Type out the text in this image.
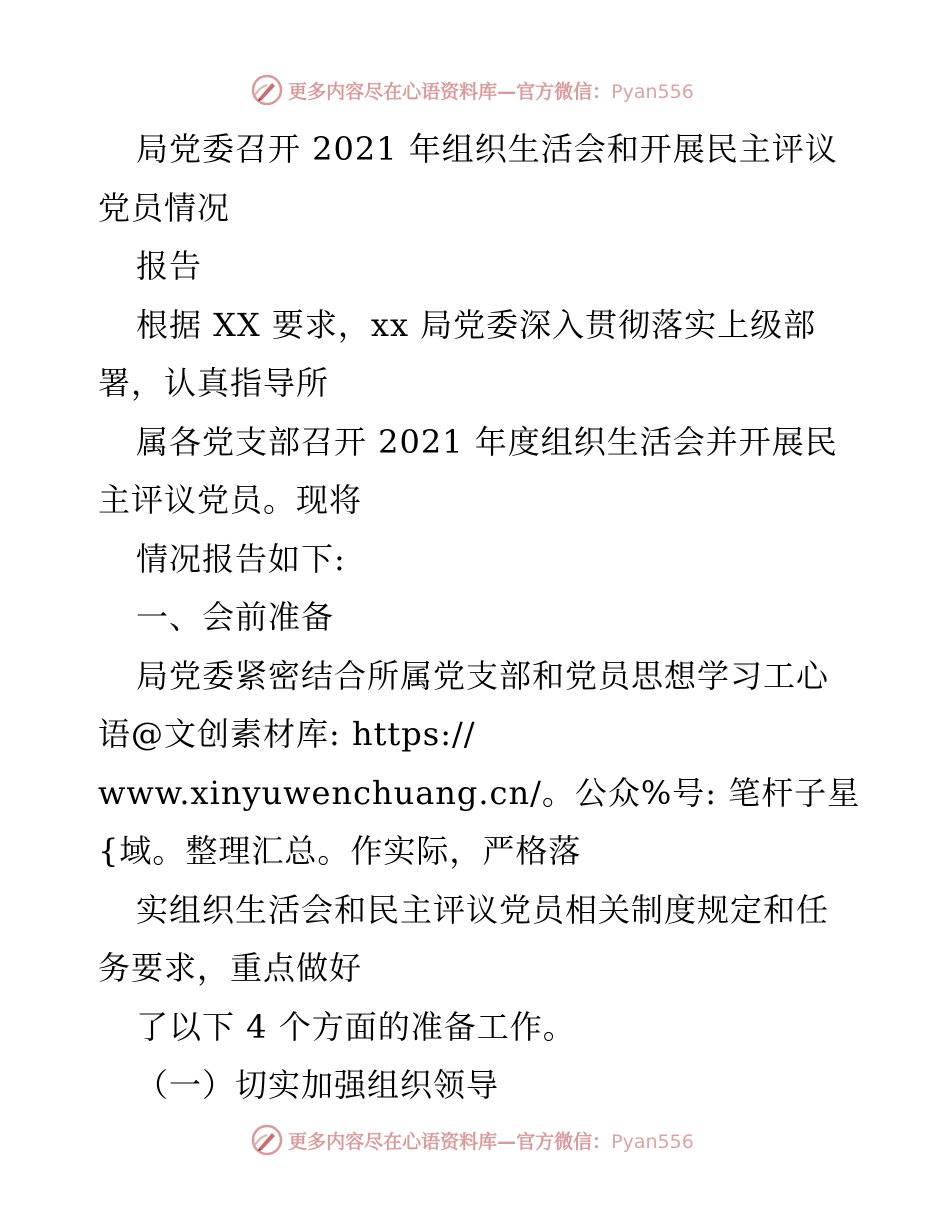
更多内容尽在心语资料库—官方微信：Pyan556
局党委召开 2021 年组织生活会和开展民主评议
党员情况
报告
根据 XX 要求，xx 局党委深入贯彻落实上级部
署，认真指导所
属各党支部召开 2021 年度组织生活会并开展民
主评议党员。现将
情况报告如下:
一、会前准备
局党委紧密结合所属党支部和党员思想学习工心
语@文创素材库: https://
www.xinyuwenchuang.cn/。公众%号: 笔杆子星
{域。整理汇总。作实际，严格落
实组织生活会和民主评议党员相关制度规定和任
务要求，重点做好
了以下 4 个方面的准备工作。
（一）切实加强组织领导
更多内容尽在心语资料库—官方微信：Pyan556
